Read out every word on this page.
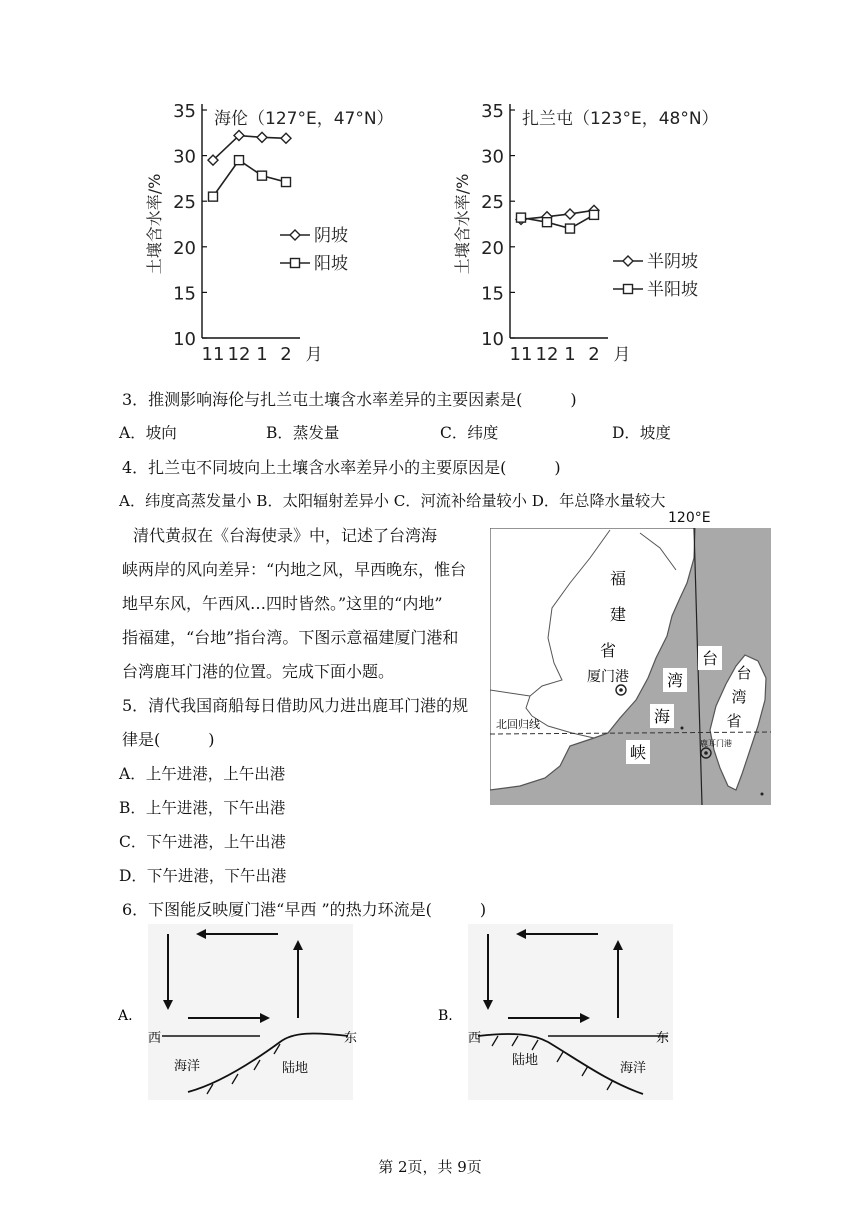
10
15
20
25
30
35
11 12 1 2 月
海伦（127°E，47°N）
土壤含水率/%	阴坡
阳坡
10
15
20
25
30
35
11 12 1 2 月
扎兰屯（123°E，48°N）
土壤含水率/%	半阴坡
半阳坡
3．推测影响海伦与扎兰屯土壤含水率差异的主要因素是(　　　)
A．坡向	B．蒸发量	C．纬度	D．坡度
4．扎兰屯不同坡向上土壤含水率差异小的主要原因是(　　　)
A．纬度高蒸发量小 B．太阳辐射差异小 C．河流补给量较小 D．年总降水量较大
清代黄叔在《台海使录》中，记述了台湾海
峡两岸的风向差异：“内地之风，早西晚东，惟台
地早东风，午西风…四时皆然。”这里的“内地”
指福建，“台地”指台湾。下图示意福建厦门港和
台湾鹿耳门港的位置。完成下面小题。
5．清代我国商船每日借助风力进出鹿耳门港的规
律是(　　　)
A．上午进港，上午出港
B．上午进港，下午出港
C．下午进港，上午出港
D．下午进港，下午出港
福
建
省
厦门港
台
湾
海
峡
台
湾
省
北回归线
鹿耳门港
120°E
6．下图能反映厦门港“早西 ”的热力环流是(　　　)
A.
西	东
海洋	陆地
B.
西	东
陆地
海洋
第 2页，共 9页
